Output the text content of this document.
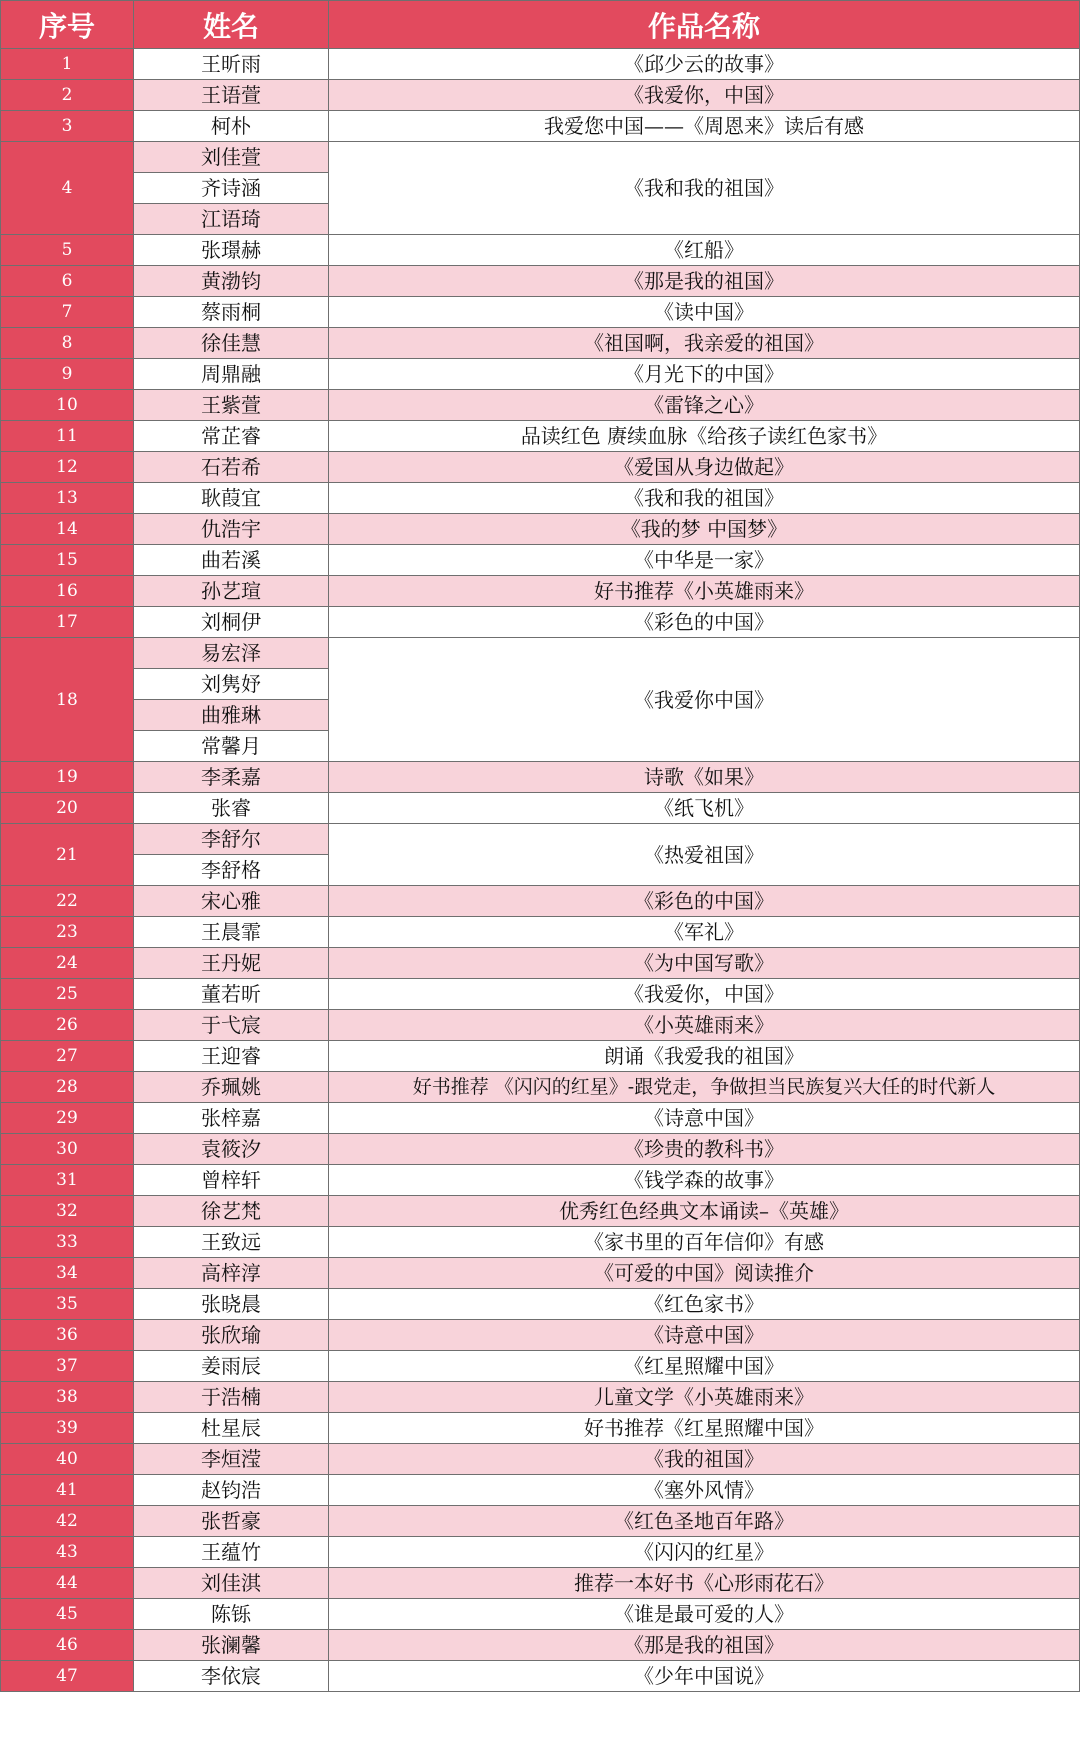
序号	姓名	作品名称
1	王昕雨	《邱少云的故事》
2	王语萱	《我爱你，中国》
3	柯朴	我爱您中国——《周恩来》读后有感
4	刘佳萱	《我和我的祖国》
	齐诗涵	
	江语琦	
5	张璟赫	《红船》
6	黄渤钧	《那是我的祖国》
7	蔡雨桐	《读中国》
8	徐佳慧	《祖国啊，我亲爱的祖国》
9	周鼎融	《月光下的中国》
10	王紫萱	《雷锋之心》
11	常芷睿	品读红色 赓续血脉《给孩子读红色家书》
12	石若希	《爱国从身边做起》
13	耿葭宜	《我和我的祖国》
14	仇浩宇	《我的梦 中国梦》
15	曲若溪	《中华是一家》
16	孙艺瑄	好书推荐《小英雄雨来》
17	刘桐伊	《彩色的中国》
18	易宏泽	《我爱你中国》
	刘隽妤	
	曲雅琳	
	常馨月	
19	李柔嘉	诗歌《如果》
20	张睿	《纸飞机》
21	李舒尔	《热爱祖国》
	李舒格	
22	宋心雅	《彩色的中国》
23	王晨霏	《军礼》
24	王丹妮	《为中国写歌》
25	董若昕	《我爱你，中国》
26	于弋宸	《小英雄雨来》
27	王迎睿	朗诵《我爱我的祖国》
28	乔珮姚	好书推荐 《闪闪的红星》-跟党走，争做担当民族复兴大任的时代新人
29	张梓嘉	《诗意中国》
30	袁筱汐	《珍贵的教科书》
31	曾梓轩	《钱学森的故事》
32	徐艺梵	优秀红色经典文本诵读–《英雄》
33	王致远	《家书里的百年信仰》有感
34	高梓淳	《可爱的中国》阅读推介
35	张晓晨	《红色家书》
36	张欣瑜	《诗意中国》
37	姜雨辰	《红星照耀中国》
38	于浩楠	儿童文学《小英雄雨来》
39	杜星辰	好书推荐《红星照耀中国》
40	李烜滢	《我的祖国》
41	赵钧浩	《塞外风情》
42	张哲豪	《红色圣地百年路》
43	王蕴竹	《闪闪的红星》
44	刘佳淇	推荐一本好书《心形雨花石》
45	陈铄	《谁是最可爱的人》
46	张澜馨	《那是我的祖国》
47	李依宸	《少年中国说》
